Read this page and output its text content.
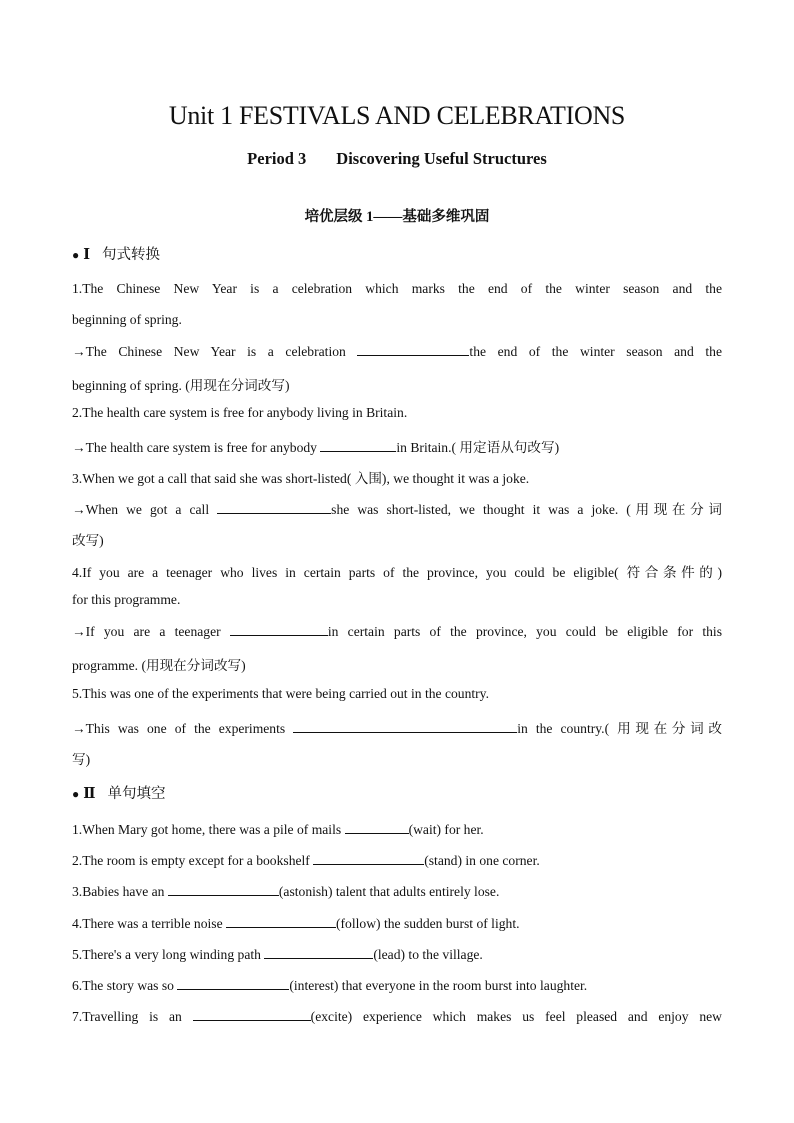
Unit 1 FESTIVALS AND CELEBRATIONS
Period 3 Discovering Useful Structures
培优层级 1——基础多维巩固
● Ⅰ 句式转换
1.The Chinese New Year is a celebration which marks the end of the winter season and the
beginning of spring.
→The Chinese New Year is a celebration	the end of the winter season and the
beginning of spring. (用现在分词改写)
2.The health care system is free for anybody living in Britain.
→The health care system is free for anybody	in Britain.( 用定语从句改写)
3.When we got a call that said she was short-listed( 入围), we thought it was a joke.
→When we got a call	she was short-listed, we thought it was a joke. (用现在分词
改写)
4.If you are a teenager who lives in certain parts of the province, you could be eligible( 符合条件的)
for this programme.
→If you are a teenager	in certain parts of the province, you could be eligible for this
programme. (用现在分词改写)
5.This was one of the experiments that were being carried out in the country.
→This was one of the experiments	in the country.( 用现在分词改
写)
● Ⅱ 单句填空
1.When Mary got home, there was a pile of mails	(wait) for her.
2.The room is empty except for a bookshelf	(stand) in one corner.
3.Babies have an	(astonish) talent that adults entirely lose.
4.There was a terrible noise	(follow) the sudden burst of light.
5.There's a very long winding path	(lead) to the village.
6.The story was so	(interest) that everyone in the room burst into laughter.
7.Travelling is an	(excite) experience which makes us feel pleased and enjoy new
